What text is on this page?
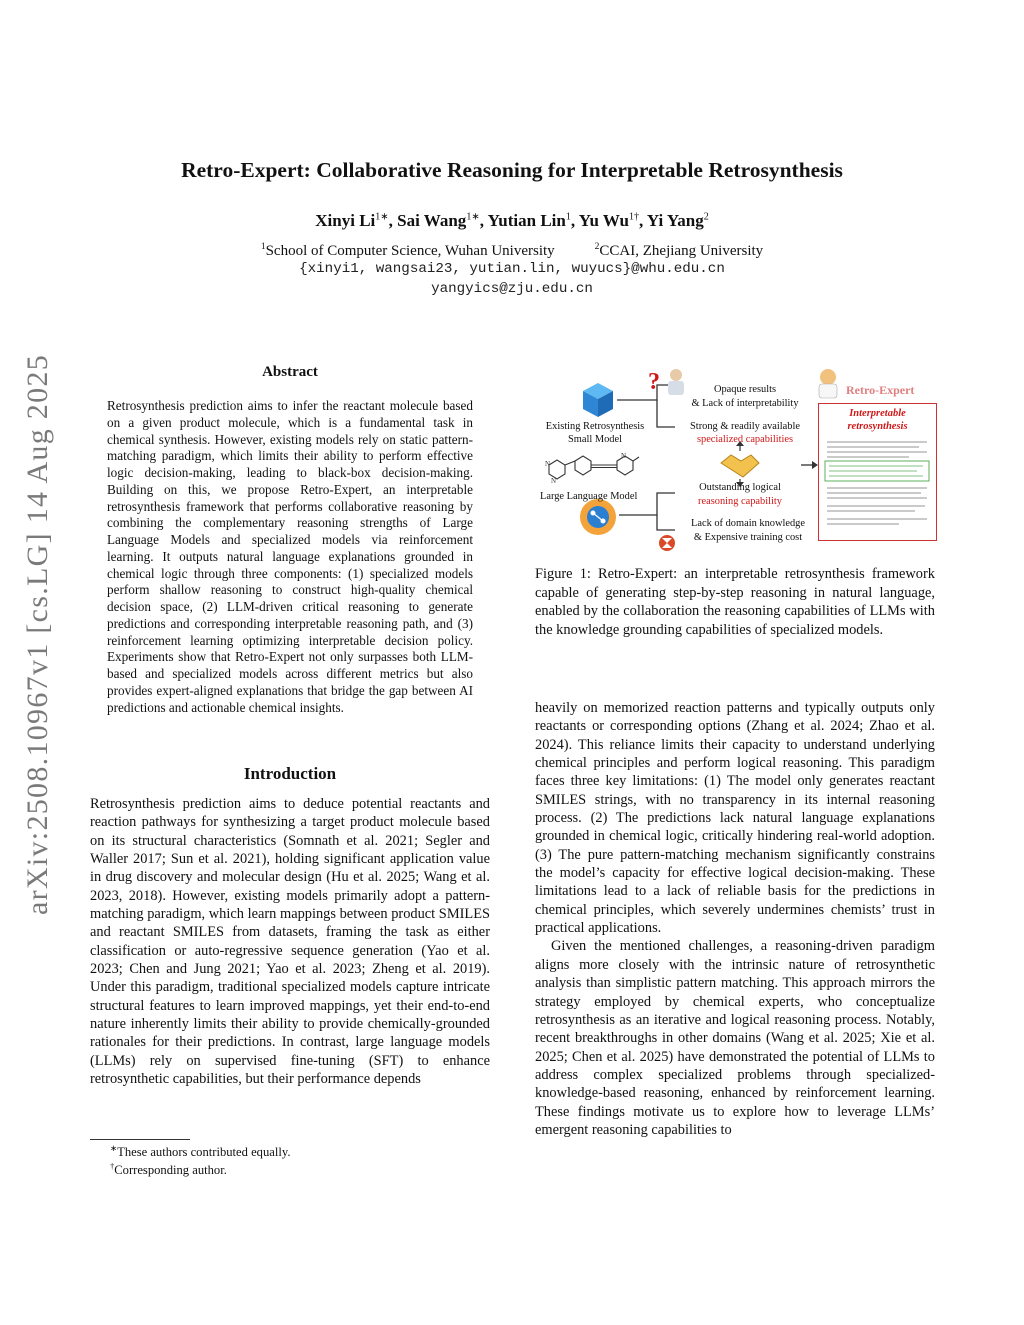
arXiv:2508.10967v1 [cs.LG] 14 Aug 2025
Retro-Expert: Collaborative Reasoning for Interpretable Retrosynthesis
Xinyi $Li^{1∗}$, Sai Wang$^{1∗}$, Yutian Lin$^1$, Yu $Wu^{1\dagger}$, Yi Yang$^2$
$^1$School of Computer Science, Wuhan University	$^2$CCAI, Zhejiang University
{xinyi1, wangsai23, yutian.lin, wuyucs}@whu.edu.cn
yangyics@zju.edu.cn
Abstract
Retrosynthesis prediction aims to infer the reactant molecule based on a given product molecule, which is a fundamental task in chemical synthesis. However, existing models rely on static pattern-matching paradigm, which limits their ability to perform effective logic decision-making, leading to black-box decision-making. Building on this, we propose Retro-Expert, an interpretable retrosynthesis framework that performs collaborative reasoning by combining the complementary reasoning strengths of Large Language Models and specialized models via reinforcement learning. It outputs natural language explanations grounded in chemical logic through three components: (1) specialized models perform shallow reasoning to construct high-quality chemical decision space, (2) LLM-driven critical reasoning to generate predictions and corresponding interpretable reasoning path, and (3) reinforcement learning optimizing interpretable decision policy. Experiments show that Retro-Expert not only surpasses both LLM-based and specialized models across different metrics but also provides expert-aligned explanations that bridge the gap between AI predictions and actionable chemical insights.
Introduction
Retrosynthesis prediction aims to deduce potential reactants and reaction pathways for synthesizing a target product molecule based on its structural characteristics (Somnath et al. 2021; Segler and Waller 2017; Sun et al. 2021), holding significant application value in drug discovery and molecular design (Hu et al. 2025; Wang et al. 2023, 2018). However, existing models primarily adopt a pattern-matching paradigm, which learn mappings between product SMILES and reactant SMILES from datasets, framing the task as either classification or auto-regressive sequence generation (Yao et al. 2023; Chen and Jung 2021; Yao et al. 2023; Zheng et al. 2019). Under this paradigm, traditional specialized models capture intricate structural features to learn improved mappings, yet their end-to-end nature inherently limits their ability to provide chemically-grounded rationales for their predictions. In contrast, large language models (LLMs) rely on supervised fine-tuning (SFT) to enhance retrosynthetic capabilities, but their performance depends
∗These authors contributed equally.
†Corresponding author.
?
N
N
N
Retro-Expert
Interpretable retrosynthesis
Existing Retrosynthesis Small Model
Large Language Model
Opaque results
& Lack of interpretability
Strong & readily available
specialized capabilities
Outstanding logical
reasoning capability
Lack of domain knowledge
& Expensive training cost
Figure 1: Retro-Expert: an interpretable retrosynthesis framework capable of generating step-by-step reasoning in natural language, enabled by the collaboration the reasoning capabilities of LLMs with the knowledge grounding capabilities of specialized models.

heavily on memorized reaction patterns and typically outputs only reactants or corresponding options (Zhang et al. 2024; Zhao et al. 2024). This reliance limits their capacity to understand underlying chemical principles and perform logical reasoning. This paradigm faces three key limitations: (1) The model only generates reactant SMILES strings, with no transparency in its internal reasoning process. (2) The predictions lack natural language explanations grounded in chemical logic, critically hindering real-world adoption. (3) The pure pattern-matching mechanism significantly constrains the model’s capacity for effective logical decision-making. These limitations lead to a lack of reliable basis for the predictions in chemical principles, which severely undermines chemists’ trust in practical applications.

Given the mentioned challenges, a reasoning-driven paradigm aligns more closely with the intrinsic nature of retrosynthetic analysis than simplistic pattern matching. This approach mirrors the strategy employed by chemical experts, who conceptualize retrosynthesis as an iterative and logical reasoning process. Notably, recent breakthroughs in other domains (Wang et al. 2025; Xie et al. 2025; Chen et al. 2025) have demonstrated the potential of LLMs to address complex specialized problems through specialized-knowledge-based reasoning, enhanced by reinforcement learning. These findings motivate us to explore how to leverage LLMs’ emergent reasoning capabilities to
